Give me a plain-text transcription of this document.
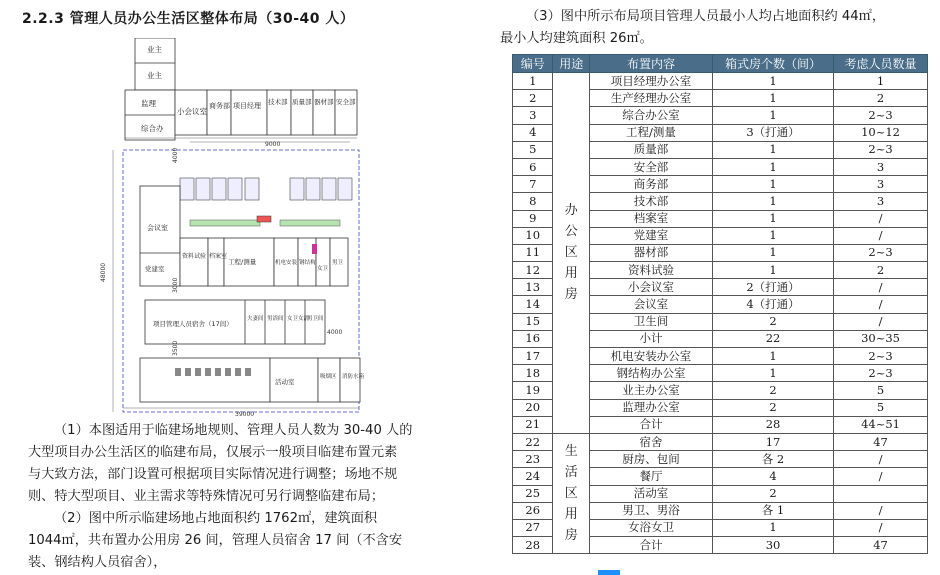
2.2.3 管理人员办公生活区整体布局（30-40 人）
业主
业主
监理
综合办
小会议室
商务部 项目经理 技术部 质量部 器材部 安全部
9000
会议室
党建室
资料试验 档案室
工程/测量	机电安装 钢结构
女卫
男卫
项目管理人员宿舍（17间）
夫妻间 男浴间 女卫女浴
男卫间
活动室
吸烟区 消防水箱
48000
39000
4000
3000
4000
3500
（1）本图适用于临建场地规则、管理人员人数为 30-40 人的
大型项目办公生活区的临建布局，仅展示一般项目临建布置元素
与大致方法，部门设置可根据项目实际情况进行调整；场地不规
则、特大型项目、业主需求等特殊情况可另行调整临建布局；
（2）图中所示临建场地占地面积约 1762㎡，建筑面积
1044㎡，共布置办公用房 26 间，管理人员宿舍 17 间（不含安
装、钢结构人员宿舍），
（3）图中所示布局项目管理人员最小人均占地面积约 44㎡，
最小人均建筑面积 26㎡。
编号	用途	布置内容	箱式房个数（间）	考虑人员数量
1	办公区用房	项目经理办公室	1	1
2		生产经理办公室	1	2
3		综合办公室	1	2~3
4		工程/测量	3（打通）	10~12
5		质量部	1	2~3
6		安全部	1	3
7		商务部	1	3
8		技术部	1	3
9		档案室	1	/
10		党建室	1	/
11		器材部	1	2~3
12		资料试验	1	2
13		小会议室	2（打通）	/
14		会议室	4（打通）	/
15		卫生间	2	/
16		小计	22	30~35
17		机电安装办公室	1	2~3
18		钢结构办公室	1	2~3
19		业主办公室	2	5
20		监理办公室	2	5
21		合计	28	44~51
22	生活区用房	宿舍	17	47
23		厨房、包间	各 2	/
24		餐厅	4	/
25		活动室	2	
26		男卫、男浴	各 1	/
27		女浴女卫	1	/
28		合计	30	47
